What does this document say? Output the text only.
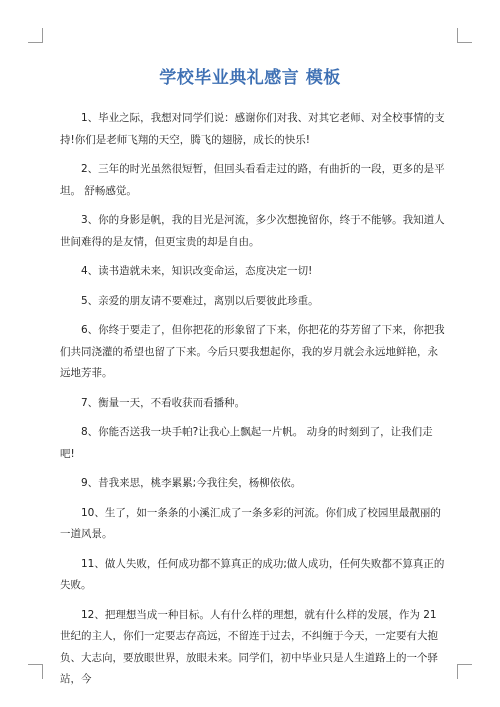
学校毕业典礼感言 模板

1、毕业之际，我想对同学们说：感谢你们对我、对其它老师、对全校事情的支持!你们是老师飞翔的天空，腾飞的翅膀，成长的快乐!

2、三年的时光虽然很短暂，但回头看看走过的路，有曲折的一段，更多的是平坦。 舒畅感觉。

3、你的身影是帆，我的目光是河流，多少次想挽留你，终于不能够。我知道人世间难得的是友情，但更宝贵的却是自由。

4、读书造就未来，知识改变命运，态度决定一切!

5、亲爱的朋友请不要难过，离别以后要彼此珍重。

6、你终于要走了，但你把花的形象留了下来，你把花的芬芳留了下来，你把我们共同浇灌的希望也留了下来。今后只要我想起你，我的岁月就会永远地鲜艳，永远地芳菲。

7、衡量一天，不看收获而看播种。

8、你能否送我一块手帕?让我心上飘起一片帆。 动身的时刻到了，让我们走吧!

9、昔我来思，桃李累累;今我往矣，杨柳依依。

10、生了，如一条条的小溪汇成了一条多彩的河流。你们成了校园里最靓丽的一道风景。

11、做人失败，任何成功都不算真正的成功;做人成功，任何失败都不算真正的失败。

12、把理想当成一种目标。人有什么样的理想，就有什么样的发展，作为 21 世纪的主人，你们一定要志存高远，不留连于过去，不纠缠于今天，一定要有大抱负、大志向，要放眼世界，放眼未来。同学们，初中毕业只是人生道路上的一个驿站，今
